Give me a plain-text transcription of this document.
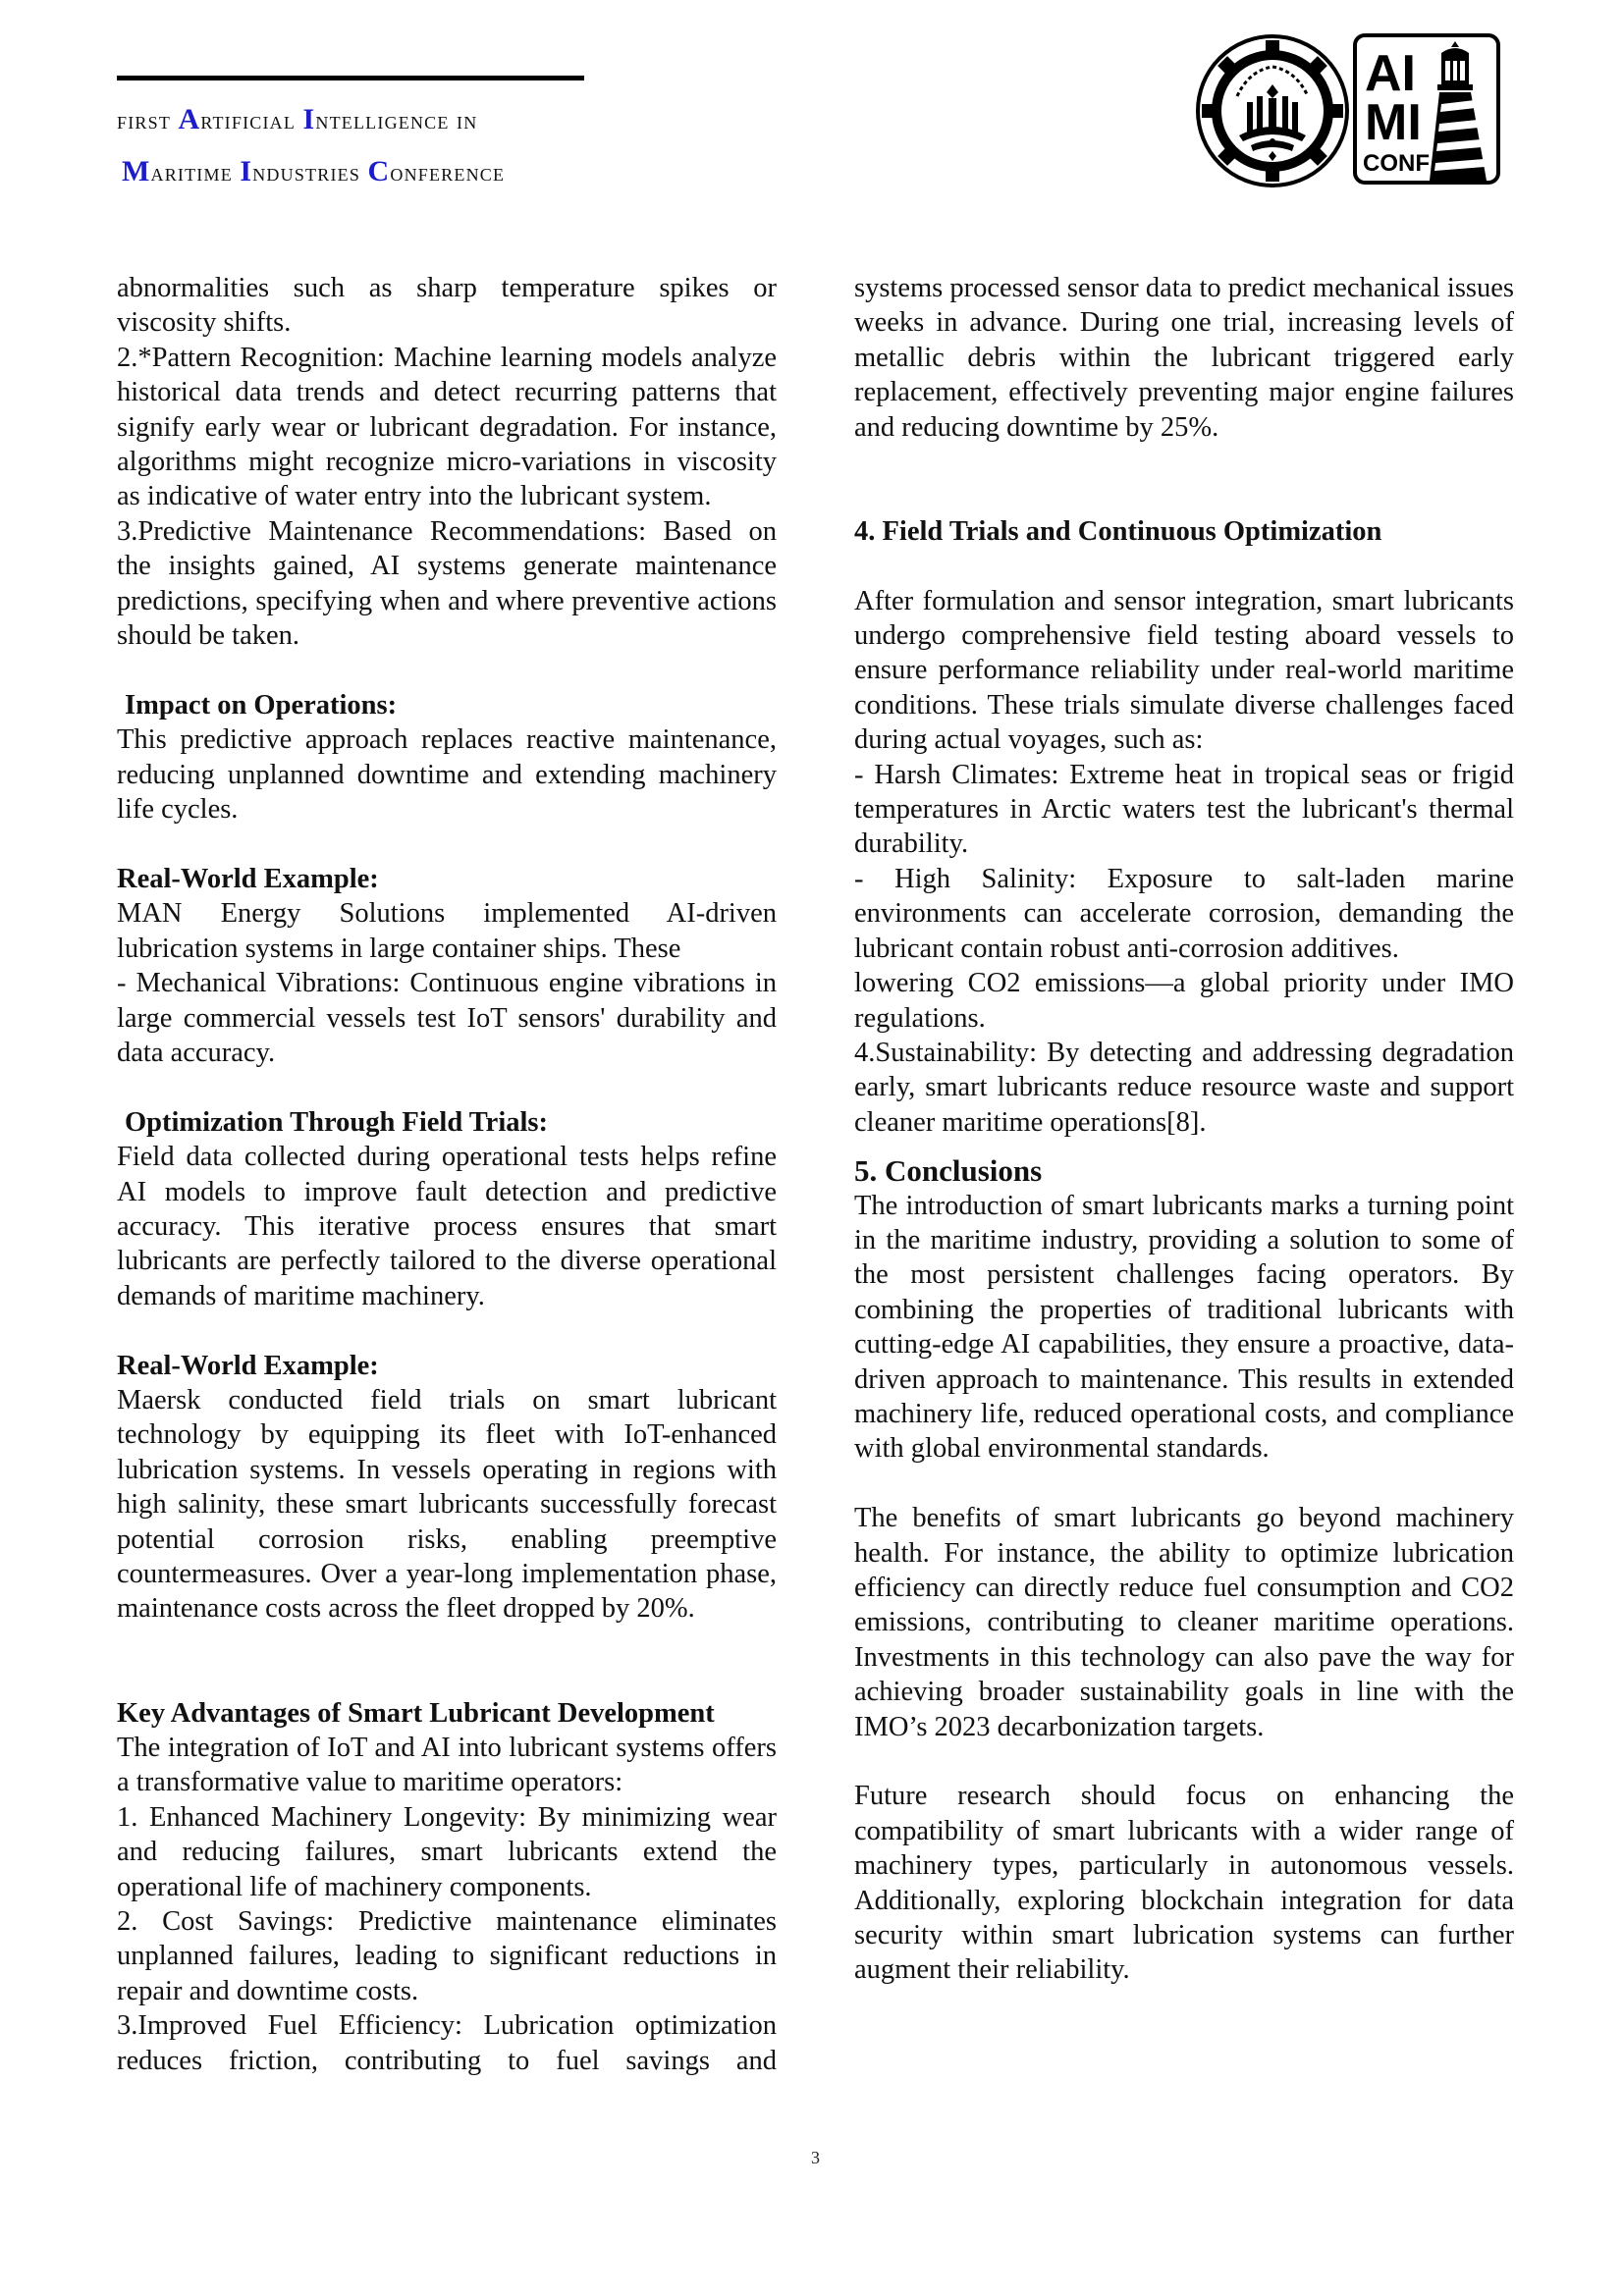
first Artificial Intelligence in
Maritime Industries Conference
AI
MI
CONF

abnormalities such as sharp temperature spikes or viscosity shifts.

2.*Pattern Recognition: Machine learning models analyze historical data trends and detect recurring patterns that signify early wear or lubricant degradation. For instance, algorithms might recognize micro-variations in viscosity as indicative of water entry into the lubricant system.

3.Predictive Maintenance Recommendations: Based on the insights gained, AI systems generate maintenance predictions, specifying when and where preventive actions should be taken.

Impact on Operations:

This predictive approach replaces reactive maintenance, reducing unplanned downtime and extending machinery life cycles.

Real-World Example:

MAN Energy Solutions implemented AI-driven lubrication systems in large container ships. These

- Mechanical Vibrations: Continuous engine vibrations in large commercial vessels test IoT sensors' durability and data accuracy.

Optimization Through Field Trials:

Field data collected during operational tests helps refine AI models to improve fault detection and predictive accuracy. This iterative process ensures that smart lubricants are perfectly tailored to the diverse operational demands of maritime machinery.

Real-World Example:

Maersk conducted field trials on smart lubricant technology by equipping its fleet with IoT-enhanced lubrication systems. In vessels operating in regions with high salinity, these smart lubricants successfully forecast potential corrosion risks, enabling preemptive countermeasures. Over a year-long implementation phase, maintenance costs across the fleet dropped by 20%.

Key Advantages of Smart Lubricant Development

The integration of IoT and AI into lubricant systems offers a transformative value to maritime operators:

1. Enhanced Machinery Longevity: By minimizing wear and reducing failures, smart lubricants extend the operational life of machinery components.

2. Cost Savings: Predictive maintenance eliminates unplanned failures, leading to significant reductions in repair and downtime costs.

3.Improved Fuel Efficiency: Lubrication optimization reduces friction, contributing to fuel savings and

systems processed sensor data to predict mechanical issues weeks in advance. During one trial, increasing levels of metallic debris within the lubricant triggered early replacement, effectively preventing major engine failures and reducing downtime by 25%.

4. Field Trials and Continuous Optimization

After formulation and sensor integration, smart lubricants undergo comprehensive field testing aboard vessels to ensure performance reliability under real-world maritime conditions. These trials simulate diverse challenges faced during actual voyages, such as:

- Harsh Climates: Extreme heat in tropical seas or frigid temperatures in Arctic waters test the lubricant's thermal durability.

- High Salinity: Exposure to salt-laden marine environments can accelerate corrosion, demanding the lubricant contain robust anti-corrosion additives.

lowering CO2 emissions—a global priority under IMO regulations.

4.Sustainability: By detecting and addressing degradation early, smart lubricants reduce resource waste and support cleaner maritime operations[8].

5. Conclusions

The introduction of smart lubricants marks a turning point in the maritime industry, providing a solution to some of the most persistent challenges facing operators. By combining the properties of traditional lubricants with cutting-edge AI capabilities, they ensure a proactive, data-driven approach to maintenance. This results in extended machinery life, reduced operational costs, and compliance with global environmental standards.

The benefits of smart lubricants go beyond machinery health. For instance, the ability to optimize lubrication efficiency can directly reduce fuel consumption and CO2 emissions, contributing to cleaner maritime operations. Investments in this technology can also pave the way for achieving broader sustainability goals in line with the IMO’s 2023 decarbonization targets.

Future research should focus on enhancing the compatibility of smart lubricants with a wider range of machinery types, particularly in autonomous vessels. Additionally, exploring blockchain integration for data security within smart lubrication systems can further augment their reliability.

3
